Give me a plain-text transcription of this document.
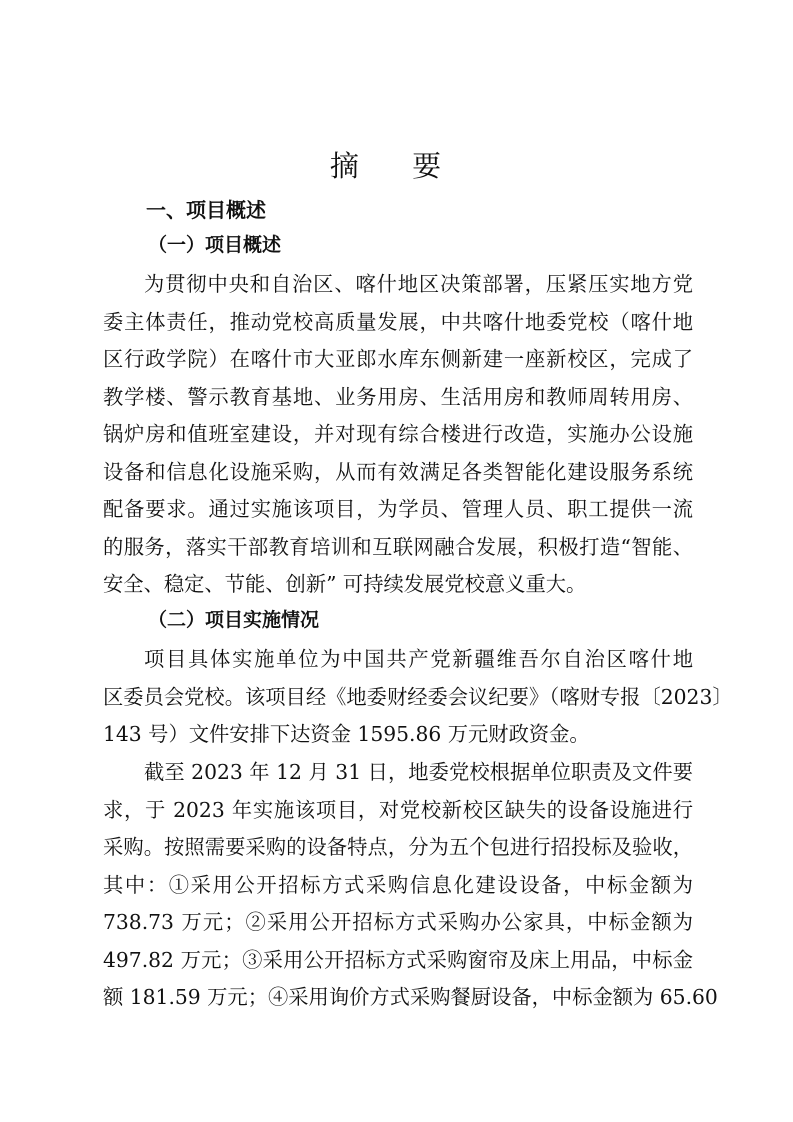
摘 要
一、项目概述
（一）项目概述
为贯彻中央和自治区、喀什地区决策部署，压紧压实地方党
委主体责任，推动党校高质量发展，中共喀什地委党校（喀什地
区行政学院）在喀什市大亚郎水库东侧新建一座新校区，完成了
教学楼、警示教育基地、业务用房、生活用房和教师周转用房、
锅炉房和值班室建设，并对现有综合楼进行改造，实施办公设施
设备和信息化设施采购，从而有效满足各类智能化建设服务系统
配备要求。通过实施该项目，为学员、管理人员、职工提供一流
的服务，落实干部教育培训和互联网融合发展，积极打造“智能、
安全、稳定、节能、创新” 可持续发展党校意义重大。
（二）项目实施情况
项目具体实施单位为中国共产党新疆维吾尔自治区喀什地
区委员会党校。该项目经《地委财经委会议纪要》（喀财专报〔2023〕
143 号）文件安排下达资金 1595.86 万元财政资金。
截至 2023 年 12 月 31 日，地委党校根据单位职责及文件要
求，于 2023 年实施该项目，对党校新校区缺失的设备设施进行
采购。按照需要采购的设备特点，分为五个包进行招投标及验收，
其中：①采用公开招标方式采购信息化建设设备，中标金额为
738.73 万元；②采用公开招标方式采购办公家具，中标金额为
497.82 万元；③采用公开招标方式采购窗帘及床上用品，中标金
额 181.59 万元；④采用询价方式采购餐厨设备，中标金额为 65.60
